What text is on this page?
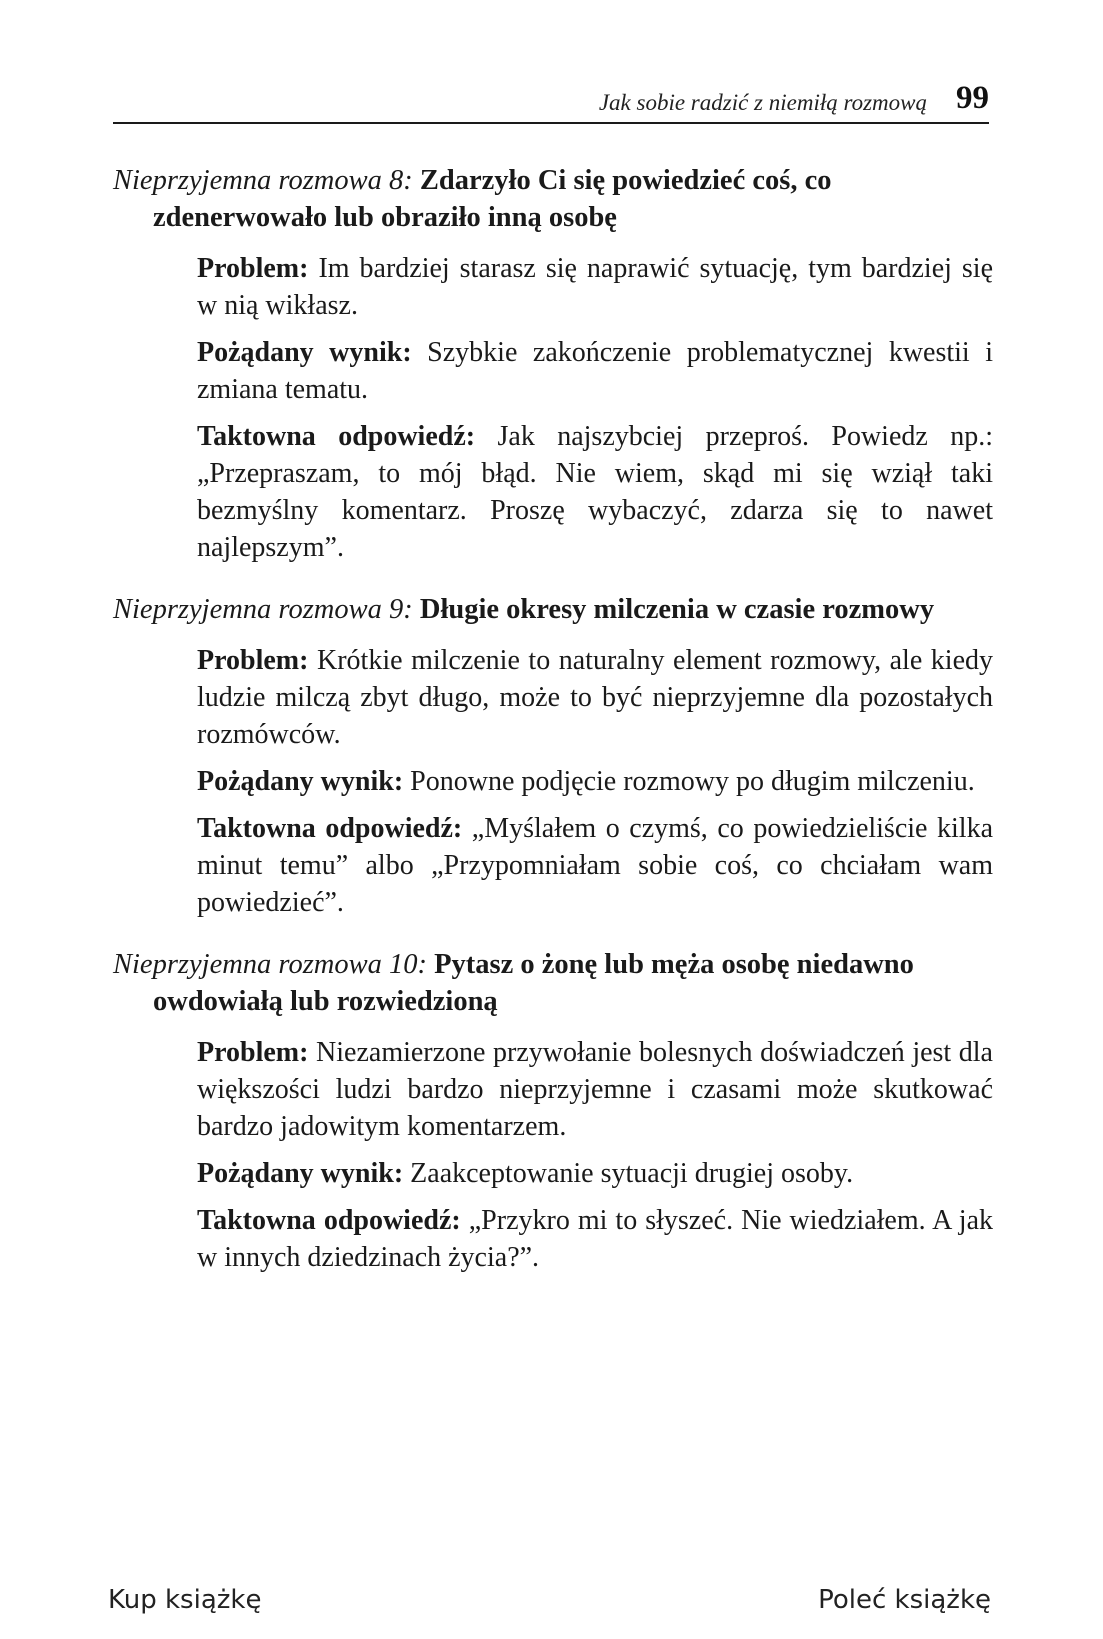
Jak sobie radzić z niemiłą rozmową 99

Nieprzyjemna rozmowa 8: Zdarzyło Ci się powiedzieć coś, co zdenerwowało lub obraziło inną osobę

Problem: Im bardziej starasz się naprawić sytuację, tym bardziej się w nią wikłasz.

Pożądany wynik: Szybkie zakończenie problematycznej kwestii i zmiana tematu.

Taktowna odpowiedź: Jak najszybciej przeproś. Powiedz np.: „Przepraszam, to mój błąd. Nie wiem, skąd mi się wziął taki bezmyślny komentarz. Proszę wybaczyć, zdarza się to nawet najlepszym”.

Nieprzyjemna rozmowa 9: Długie okresy milczenia w czasie rozmowy

Problem: Krótkie milczenie to naturalny element rozmowy, ale kiedy ludzie milczą zbyt długo, może to być nieprzyjemne dla pozostałych rozmówców.

Pożądany wynik: Ponowne podjęcie rozmowy po długim milczeniu.

Taktowna odpowiedź: „Myślałem o czymś, co powiedzieliście kilka minut temu” albo „Przypomniałam sobie coś, co chciałam wam powiedzieć”.

Nieprzyjemna rozmowa 10: Pytasz o żonę lub męża osobę niedawno owdowiałą lub rozwiedzioną

Problem: Niezamierzone przywołanie bolesnych doświadczeń jest dla większości ludzi bardzo nieprzyjemne i czasami może skutkować bardzo jadowitym komentarzem.

Pożądany wynik: Zaakceptowanie sytuacji drugiej osoby.

Taktowna odpowiedź: „Przykro mi to słyszeć. Nie wiedziałem. A jak w innych dziedzinach życia?”.

Kup książkę	Poleć książkę
